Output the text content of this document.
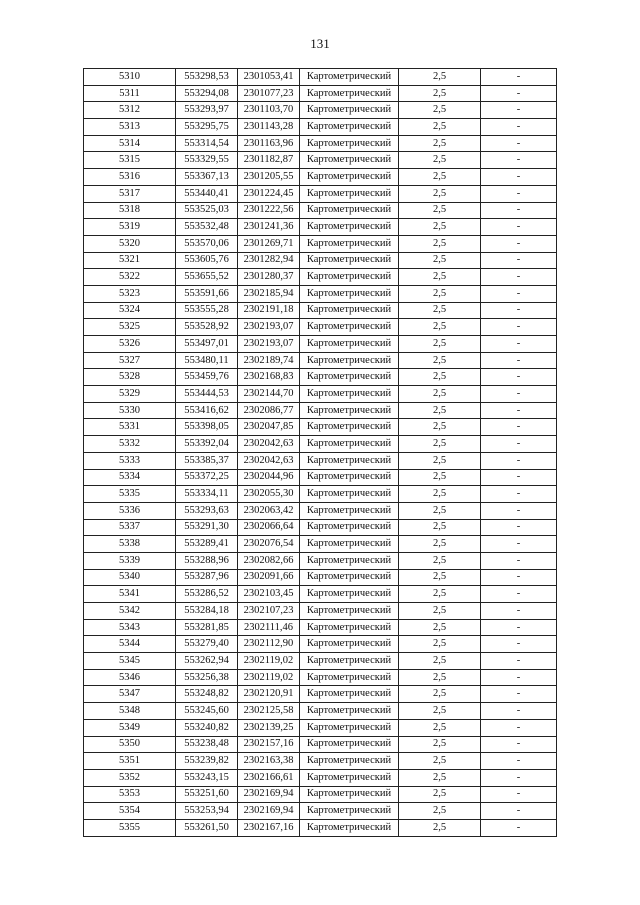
131
5310	553298,53	2301053,41	Картометрический	2,5	-
5311	553294,08	2301077,23	Картометрический	2,5	-
5312	553293,97	2301103,70	Картометрический	2,5	-
5313	553295,75	2301143,28	Картометрический	2,5	-
5314	553314,54	2301163,96	Картометрический	2,5	-
5315	553329,55	2301182,87	Картометрический	2,5	-
5316	553367,13	2301205,55	Картометрический	2,5	-
5317	553440,41	2301224,45	Картометрический	2,5	-
5318	553525,03	2301222,56	Картометрический	2,5	-
5319	553532,48	2301241,36	Картометрический	2,5	-
5320	553570,06	2301269,71	Картометрический	2,5	-
5321	553605,76	2301282,94	Картометрический	2,5	-
5322	553655,52	2301280,37	Картометрический	2,5	-
5323	553591,66	2302185,94	Картометрический	2,5	-
5324	553555,28	2302191,18	Картометрический	2,5	-
5325	553528,92	2302193,07	Картометрический	2,5	-
5326	553497,01	2302193,07	Картометрический	2,5	-
5327	553480,11	2302189,74	Картометрический	2,5	-
5328	553459,76	2302168,83	Картометрический	2,5	-
5329	553444,53	2302144,70	Картометрический	2,5	-
5330	553416,62	2302086,77	Картометрический	2,5	-
5331	553398,05	2302047,85	Картометрический	2,5	-
5332	553392,04	2302042,63	Картометрический	2,5	-
5333	553385,37	2302042,63	Картометрический	2,5	-
5334	553372,25	2302044,96	Картометрический	2,5	-
5335	553334,11	2302055,30	Картометрический	2,5	-
5336	553293,63	2302063,42	Картометрический	2,5	-
5337	553291,30	2302066,64	Картометрический	2,5	-
5338	553289,41	2302076,54	Картометрический	2,5	-
5339	553288,96	2302082,66	Картометрический	2,5	-
5340	553287,96	2302091,66	Картометрический	2,5	-
5341	553286,52	2302103,45	Картометрический	2,5	-
5342	553284,18	2302107,23	Картометрический	2,5	-
5343	553281,85	2302111,46	Картометрический	2,5	-
5344	553279,40	2302112,90	Картометрический	2,5	-
5345	553262,94	2302119,02	Картометрический	2,5	-
5346	553256,38	2302119,02	Картометрический	2,5	-
5347	553248,82	2302120,91	Картометрический	2,5	-
5348	553245,60	2302125,58	Картометрический	2,5	-
5349	553240,82	2302139,25	Картометрический	2,5	-
5350	553238,48	2302157,16	Картометрический	2,5	-
5351	553239,82	2302163,38	Картометрический	2,5	-
5352	553243,15	2302166,61	Картометрический	2,5	-
5353	553251,60	2302169,94	Картометрический	2,5	-
5354	553253,94	2302169,94	Картометрический	2,5	-
5355	553261,50	2302167,16	Картометрический	2,5	-
